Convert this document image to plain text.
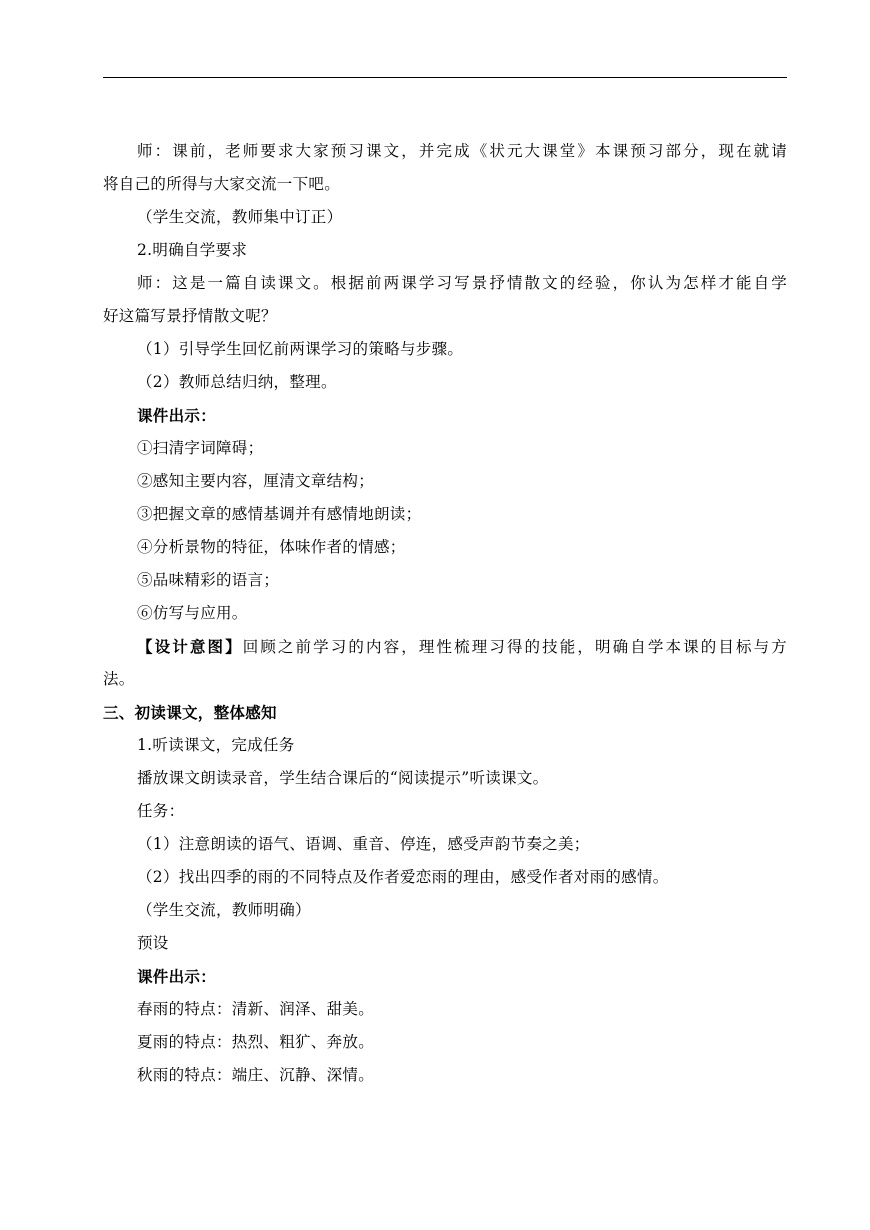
师：课前，老师要求大家预习课文，并完成《状元大课堂》本课预习部分，现在就请
将自己的所得与大家交流一下吧。
（学生交流，教师集中订正）
2.明确自学要求
师：这是一篇自读课文。根据前两课学习写景抒情散文的经验，你认为怎样才能自学
好这篇写景抒情散文呢？
（1）引导学生回忆前两课学习的策略与步骤。
（2）教师总结归纳，整理。
课件出示：
①扫清字词障碍；
②感知主要内容，厘清文章结构；
③把握文章的感情基调并有感情地朗读；
④分析景物的特征，体味作者的情感；
⑤品味精彩的语言；
⑥仿写与应用。
【设计意图】回顾之前学习的内容，理性梳理习得的技能，明确自学本课的目标与方
法。
三、初读课文，整体感知
1.听读课文，完成任务
播放课文朗读录音，学生结合课后的“阅读提示”听读课文。
任务：
（1）注意朗读的语气、语调、重音、停连，感受声韵节奏之美；
（2）找出四季的雨的不同特点及作者爱恋雨的理由，感受作者对雨的感情。
（学生交流，教师明确）
预设
课件出示：
春雨的特点：清新、润泽、甜美。
夏雨的特点：热烈、粗犷、奔放。
秋雨的特点：端庄、沉静、深情。
